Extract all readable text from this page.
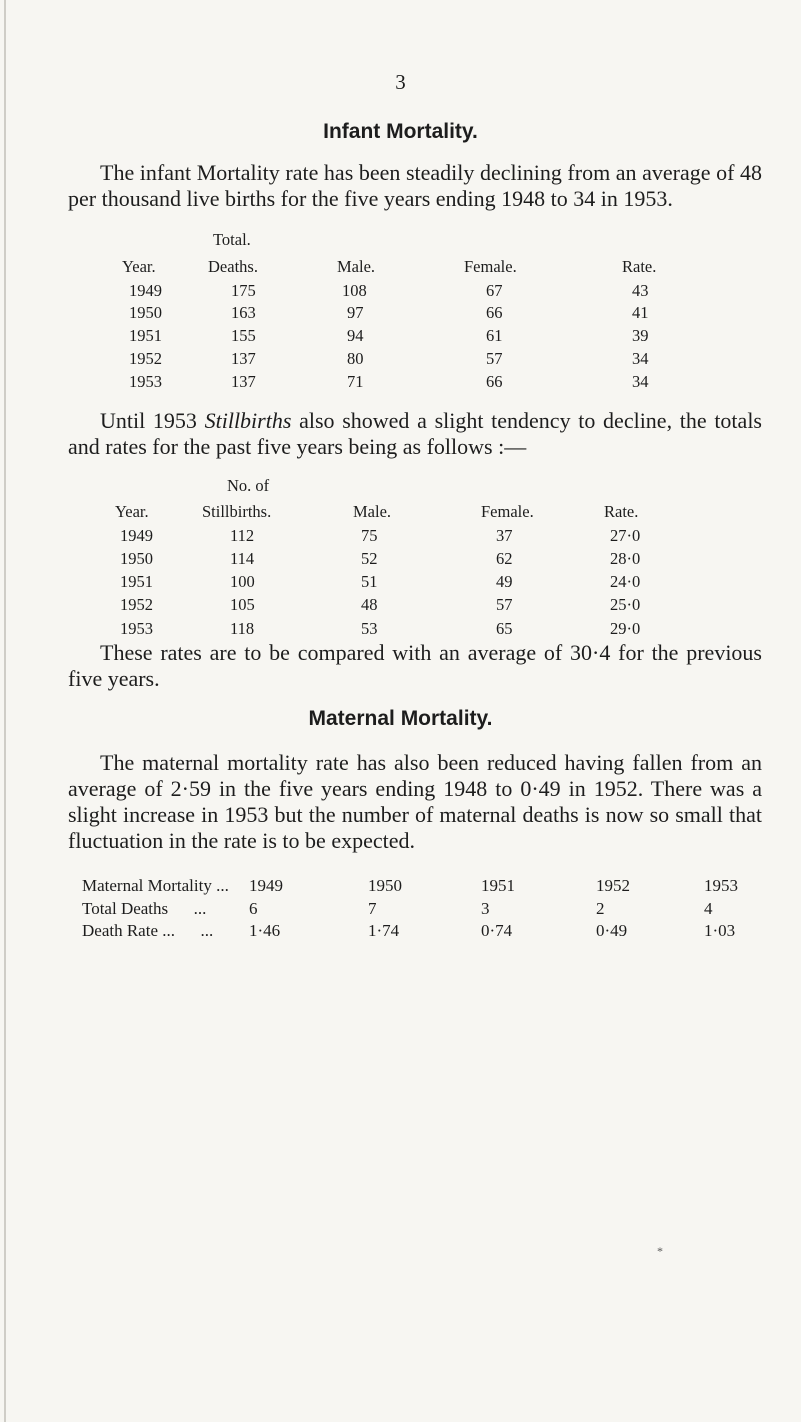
3
Infant Mortality.
The infant Mortality rate has been steadily declining from an average of 48 per thousand live births for the five years ending 1948 to 34 in 1953.
Total.
Year.	Deaths.	Male.	Female.	Rate.
1949	175	108	67	43
1950	163	97	66	41
1951	155	94	61	39
1952	137	80	57	34
1953	137	71	66	34
Until 1953 Stillbirths also showed a slight tendency to decline, the totals and rates for the past five years being as follows :—
No. of
Year.	Stillbirths.	Male.	Female.	Rate.
1949	112	75	37	27·0
1950	114	52	62	28·0
1951	100	51	49	24·0
1952	105	48	57	25·0
1953	118	53	65	29·0
These rates are to be compared with an average of 30·4 for the previous five years.
Maternal Mortality.
The maternal mortality rate has also been reduced having fallen from an average of 2·59 in the five years ending 1948 to 0·49 in 1952. There was a slight increase in 1953 but the number of maternal deaths is now so small that fluctuation in the rate is to be expected.
Maternal Mortality ... 1949	1950	1951	1952	1953
Total Deaths      ...	6	7	3	2	4
Death Rate ...      ... 1·46	1·74	0·74	0·49	1·03
*
